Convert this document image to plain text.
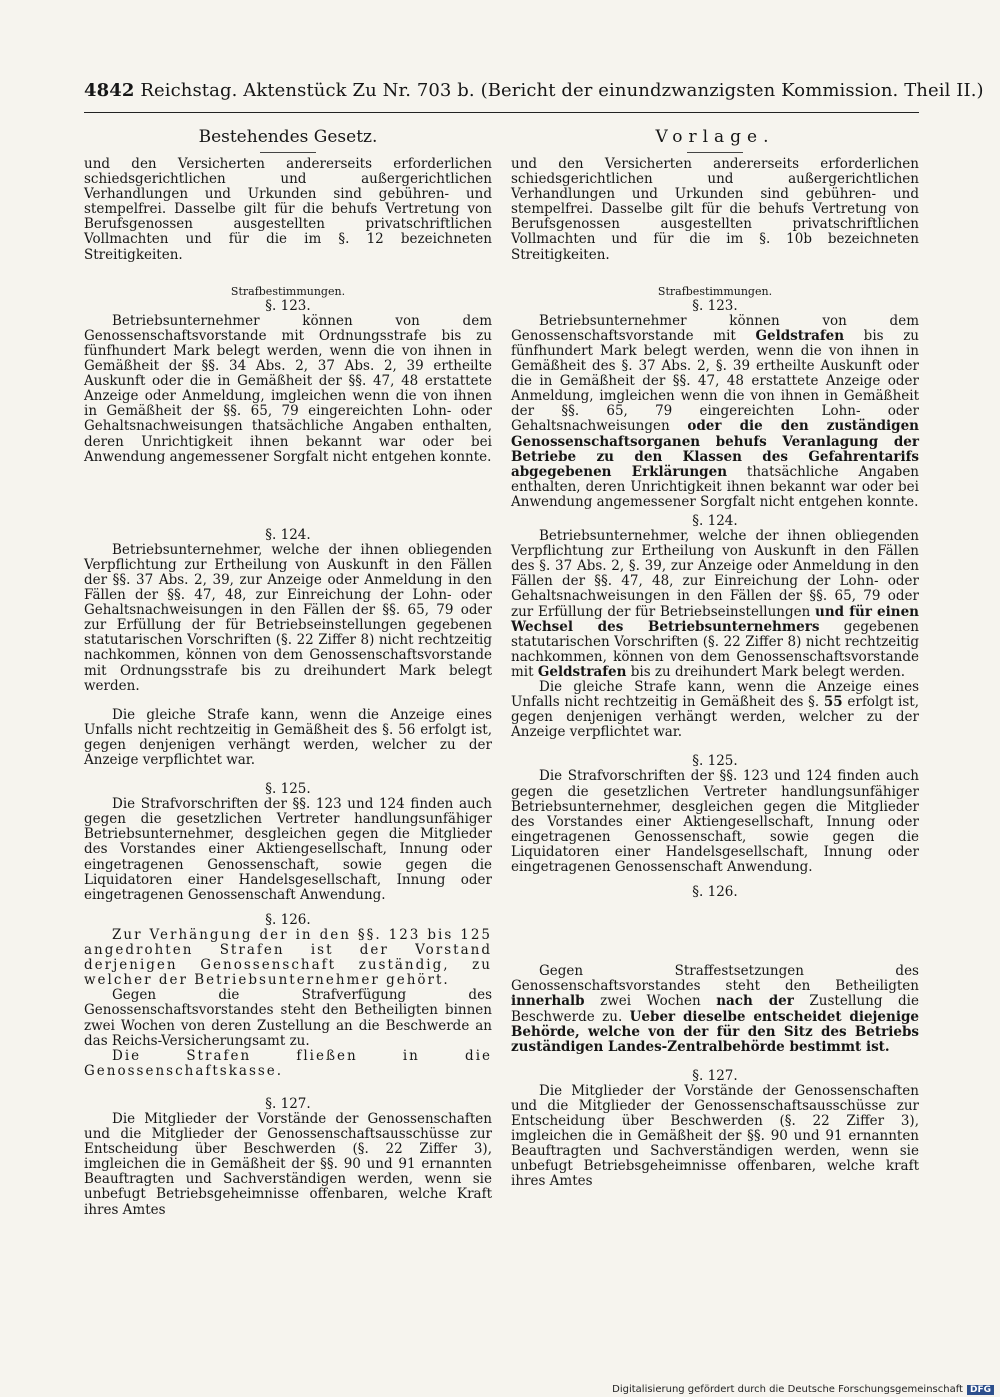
4842 Reichstag. Aktenstück Zu Nr. 703 b. (Bericht der einundzwanzigsten Kommission. Theil II.)
Bestehendes Gesetz.

und den Versicherten andererseits erforderlichen schiedsgerichtlichen und außergerichtlichen Verhandlungen und Urkunden sind gebühren- und stempelfrei. Dasselbe gilt für die behufs Vertretung von Berufsgenossen ausgestellten privatschriftlichen Vollmachten und für die im §. 12 bezeichneten Streitigkeiten.

Strafbestimmungen.

§. 123.

Betriebsunternehmer können von dem Genossenschaftsvorstande mit Ordnungsstrafe bis zu fünfhundert Mark belegt werden, wenn die von ihnen in Gemäßheit der §§. 34 Abs. 2, 37 Abs. 2, 39 ertheilte Auskunft oder die in Gemäßheit der §§. 47, 48 erstattete Anzeige oder Anmeldung, imgleichen wenn die von ihnen in Gemäßheit der §§. 65, 79 eingereichten Lohn- oder Gehaltsnachweisungen thatsächliche Angaben enthalten, deren Unrichtigkeit ihnen bekannt war oder bei Anwendung angemessener Sorgfalt nicht entgehen konnte.

§. 124.

Betriebsunternehmer, welche der ihnen obliegenden Verpflichtung zur Ertheilung von Auskunft in den Fällen der §§. 37 Abs. 2, 39, zur Anzeige oder Anmeldung in den Fällen der §§. 47, 48, zur Einreichung der Lohn- oder Gehaltsnachweisungen in den Fällen der §§. 65, 79 oder zur Erfüllung der für Betriebseinstellungen gegebenen statutarischen Vorschriften (§. 22 Ziffer 8) nicht rechtzeitig nachkommen, können von dem Genossenschaftsvorstande mit Ordnungsstrafe bis zu dreihundert Mark belegt werden.

Die gleiche Strafe kann, wenn die Anzeige eines Unfalls nicht rechtzeitig in Gemäßheit des §. 56 erfolgt ist, gegen denjenigen verhängt werden, welcher zu der Anzeige verpflichtet war.

§. 125.

Die Strafvorschriften der §§. 123 und 124 finden auch gegen die gesetzlichen Vertreter handlungsunfähiger Betriebsunternehmer, desgleichen gegen die Mitglieder des Vorstandes einer Aktiengesellschaft, Innung oder eingetragenen Genossenschaft, sowie gegen die Liquidatoren einer Handelsgesellschaft, Innung oder eingetragenen Genossenschaft Anwendung.

§. 126.

Zur Verhängung der in den §§. 123 bis 125 angedrohten Strafen ist der Vorstand derjenigen Genossenschaft zuständig, zu welcher der Betriebsunternehmer gehört.

Gegen die Strafverfügung des Genossenschaftsvorstandes steht den Betheiligten binnen zwei Wochen von deren Zustellung an die Beschwerde an das Reichs-Versicherungsamt zu.

Die Strafen fließen in die Genossenschaftskasse.

§. 127.

Die Mitglieder der Vorstände der Genossenschaften und die Mitglieder der Genossenschaftsausschüsse zur Entscheidung über Beschwerden (§. 22 Ziffer 3), imgleichen die in Gemäßheit der §§. 90 und 91 ernannten Beauftragten und Sachverständigen werden, wenn sie unbefugt Betriebsgeheimnisse offenbaren, welche Kraft ihres Amtes

Vorlage.

und den Versicherten andererseits erforderlichen schiedsgerichtlichen und außergerichtlichen Verhandlungen und Urkunden sind gebühren- und stempelfrei. Dasselbe gilt für die behufs Vertretung von Berufsgenossen ausgestellten privatschriftlichen Vollmachten und für die im §. 10b bezeichneten Streitigkeiten.

Strafbestimmungen.

§. 123.

Betriebsunternehmer können von dem Genossenschaftsvorstande mit Geldstrafen bis zu fünfhundert Mark belegt werden, wenn die von ihnen in Gemäßheit des §. 37 Abs. 2, §. 39 ertheilte Auskunft oder die in Gemäßheit der §§. 47, 48 erstattete Anzeige oder Anmeldung, imgleichen wenn die von ihnen in Gemäßheit der §§. 65, 79 eingereichten Lohn- oder Gehaltsnachweisungen oder die den zuständigen Genossenschaftsorganen behufs Veranlagung der Betriebe zu den Klassen des Gefahrentarifs abgegebenen Erklärungen thatsächliche Angaben enthalten, deren Unrichtigkeit ihnen bekannt war oder bei Anwendung angemessener Sorgfalt nicht entgehen konnte.

§. 124.

Betriebsunternehmer, welche der ihnen obliegenden Verpflichtung zur Ertheilung von Auskunft in den Fällen des §. 37 Abs. 2, §. 39, zur Anzeige oder Anmeldung in den Fällen der §§. 47, 48, zur Einreichung der Lohn- oder Gehaltsnachweisungen in den Fällen der §§. 65, 79 oder zur Erfüllung der für Betriebseinstellungen und für einen Wechsel des Betriebsunternehmers gegebenen statutarischen Vorschriften (§. 22 Ziffer 8) nicht rechtzeitig nachkommen, können von dem Genossenschaftsvorstande mit Geldstrafen bis zu dreihundert Mark belegt werden.

Die gleiche Strafe kann, wenn die Anzeige eines Unfalls nicht rechtzeitig in Gemäßheit des §. 55 erfolgt ist, gegen denjenigen verhängt werden, welcher zu der Anzeige verpflichtet war.

§. 125.

Die Strafvorschriften der §§. 123 und 124 finden auch gegen die gesetzlichen Vertreter handlungsunfähiger Betriebsunternehmer, desgleichen gegen die Mitglieder des Vorstandes einer Aktiengesellschaft, Innung oder eingetragenen Genossenschaft, sowie gegen die Liquidatoren einer Handelsgesellschaft, Innung oder eingetragenen Genossenschaft Anwendung.

§. 126.

Gegen Straffestsetzungen des Genossenschaftsvorstandes steht den Betheiligten innerhalb zwei Wochen nach der Zustellung die Beschwerde zu. Ueber dieselbe entscheidet diejenige Behörde, welche von der für den Sitz des Betriebs zuständigen Landes-Zentralbehörde bestimmt ist.

§. 127.

Die Mitglieder der Vorstände der Genossenschaften und die Mitglieder der Genossenschaftsausschüsse zur Entscheidung über Beschwerden (§. 22 Ziffer 3), imgleichen die in Gemäßheit der §§. 90 und 91 ernannten Beauftragten und Sachverständigen werden, wenn sie unbefugt Betriebsgeheimnisse offenbaren, welche kraft ihres Amtes

Digitalisierung gefördert durch die Deutsche Forschungsgemeinschaft DFG
